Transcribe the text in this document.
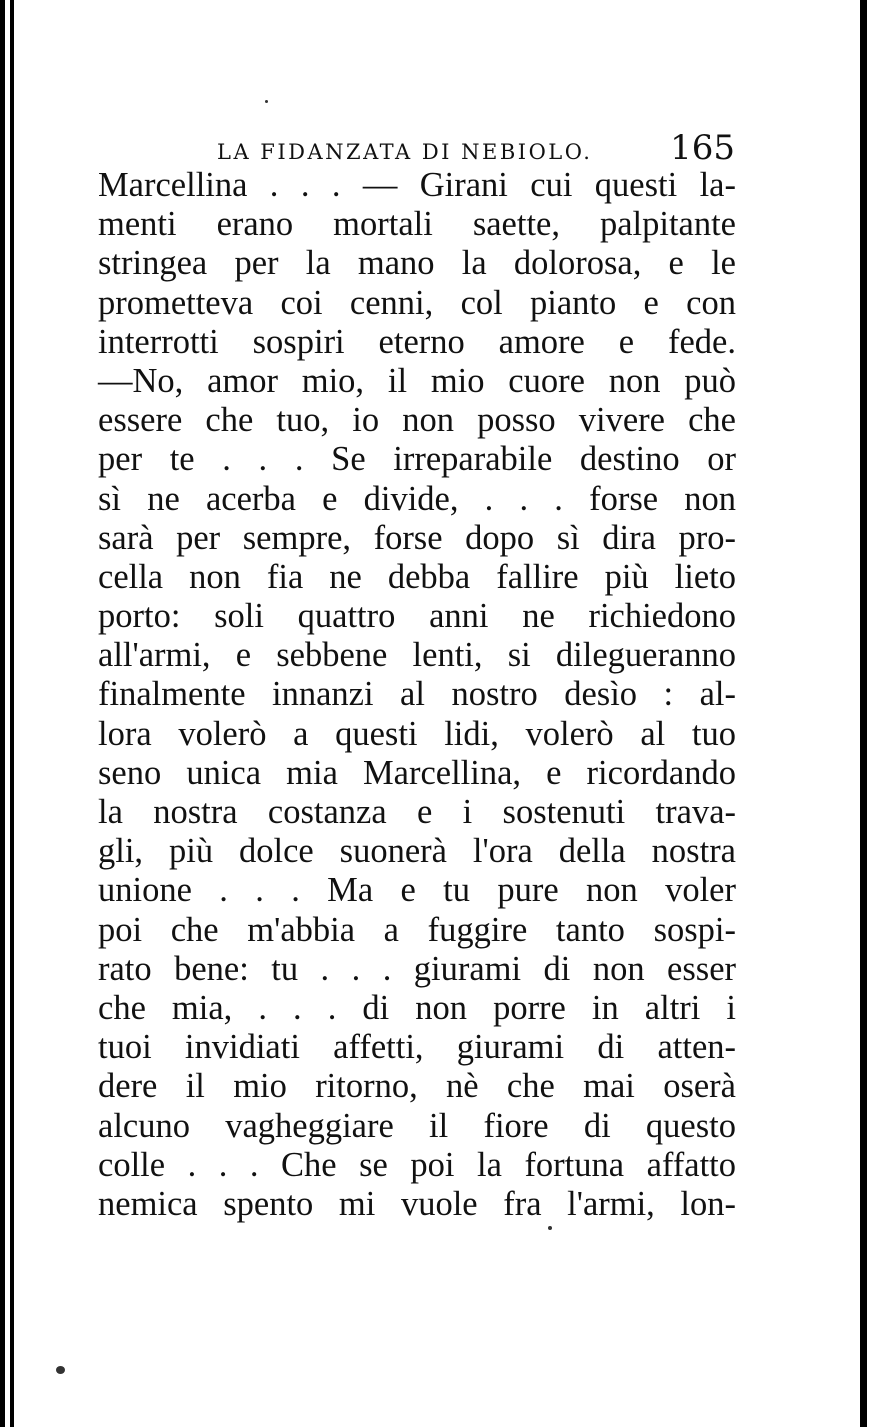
LA FIDANZATA DI NEBIOLO. 165
Marcellina . . . — Girani cui questi la-
menti erano mortali saette, palpitante
stringea per la mano la dolorosa, e le
prometteva coi cenni, col pianto e con
interrotti sospiri eterno amore e fede.
—No, amor mio, il mio cuore non può
essere che tuo, io non posso vivere che
per te . . . Se irreparabile destino or
sì ne acerba e divide, . . . forse non
sarà per sempre, forse dopo sì dira pro-
cella non fia ne debba fallire più lieto
porto: soli quattro anni ne richiedono
all'armi, e sebbene lenti, si dilegueranno
finalmente innanzi al nostro desìo : al-
lora volerò a questi lidi, volerò al tuo
seno unica mia Marcellina, e ricordando
la nostra costanza e i sostenuti trava-
gli, più dolce suonerà l'ora della nostra
unione . . . Ma e tu pure non voler
poi che m'abbia a fuggire tanto sospi-
rato bene: tu . . . giurami di non esser
che mia, . . . di non porre in altri i
tuoi invidiati affetti, giurami di atten-
dere il mio ritorno, nè che mai oserà
alcuno vagheggiare il fiore di questo
colle . . . Che se poi la fortuna affatto
nemica spento mi vuole fra l'armi, lon-
